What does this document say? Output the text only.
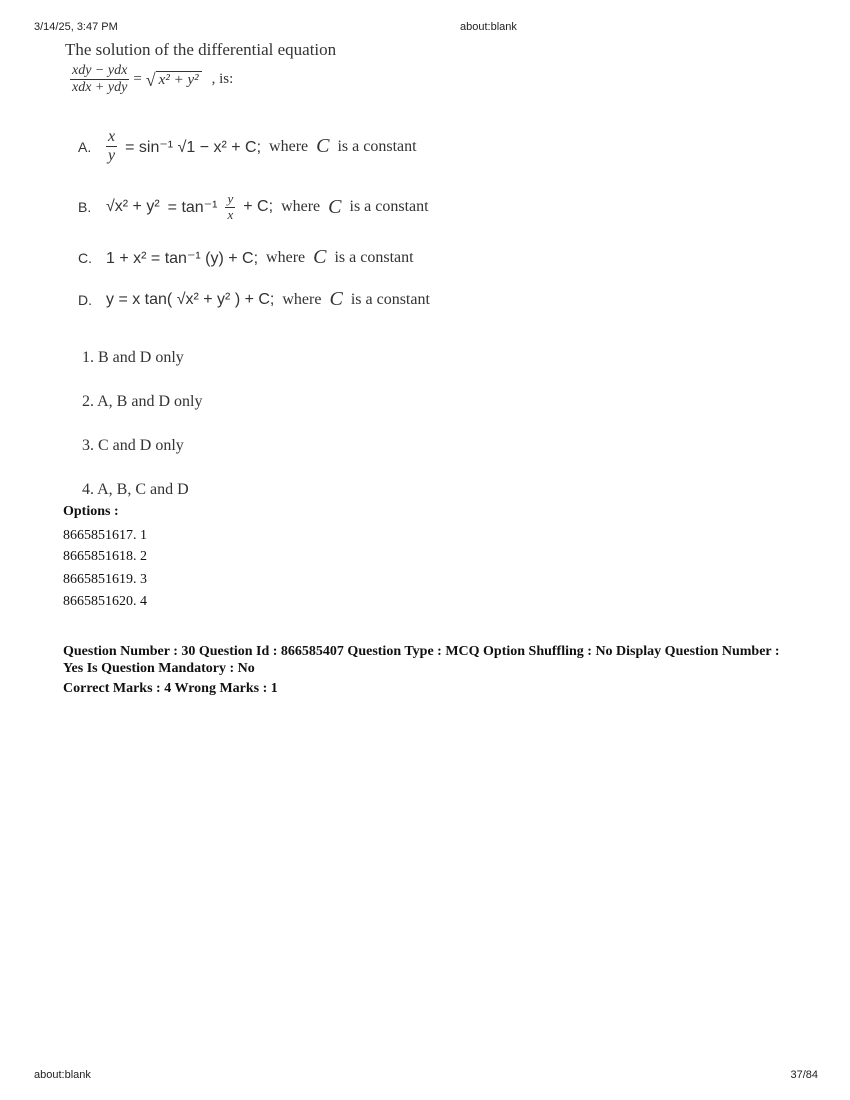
3/14/25, 3:47 PM	about:blank
The solution of the differential equation
$\frac{\text{xdy − ydx}}{\text{xdx + ydy}}$ = √ x² + y² , is:
A. $\frac{x}{y} = \sin^{-1}$ √1 − x² + C; where C is a constant
B. $√x^2 + y^2 = \tan^{-1} \frac{y}{x} + C$; where C is a constant
C. 1 + x² = tan⁻¹ (y) + C; where C is a constant
D. y = x tan( √x² + y² ) + C; where C is a constant
1. B and D only
2. A, B and D only
3. C and D only
4. A, B, C and D
Options :
8665851617. 1
8665851618. 2
8665851619. 3
8665851620. 4
Question Number : 30 Question Id : 866585407 Question Type : MCQ Option Shuffling : No Display Question Number : Yes Is Question Mandatory : No
Correct Marks : 4 Wrong Marks : 1
about:blank	37/84
